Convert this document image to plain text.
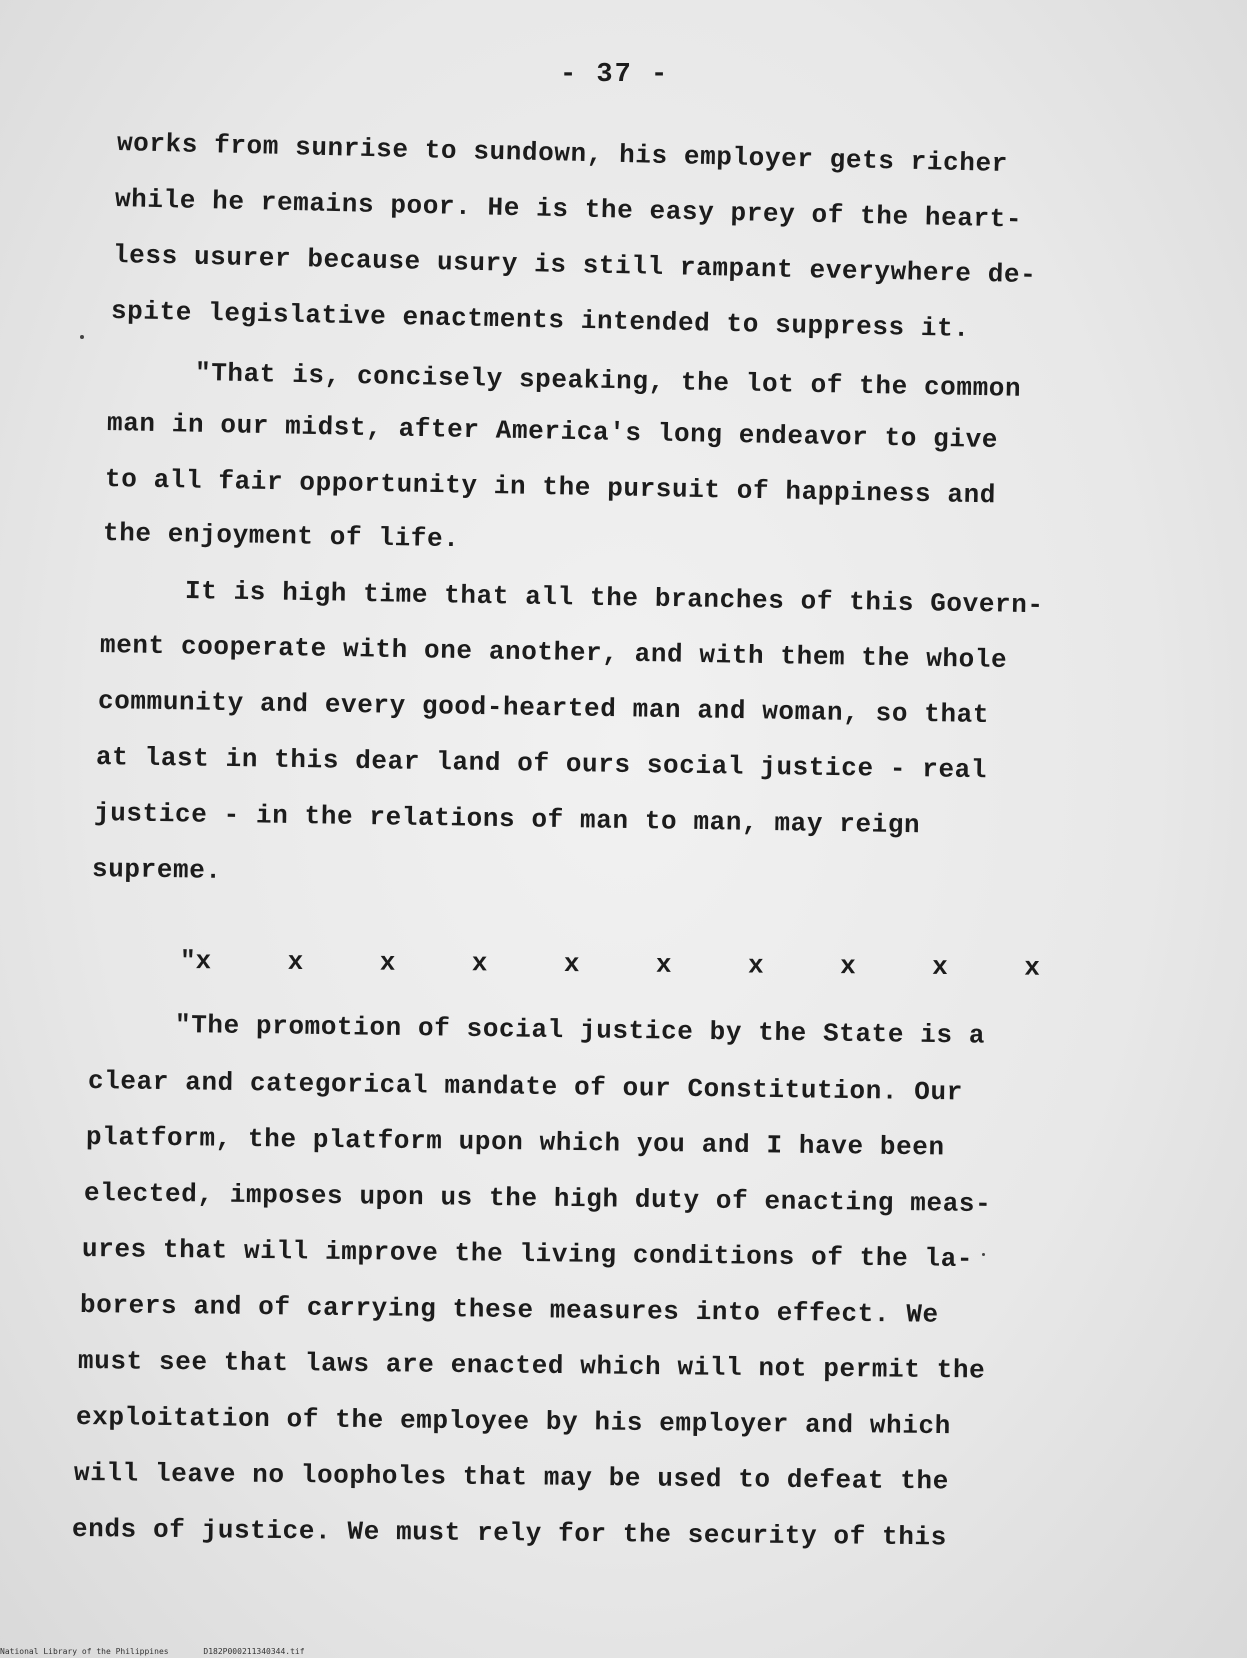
- 37 -

works from sunrise to sundown, his employer gets richer

while he remains poor. He is the easy prey of the heart-

less usurer because usury is still rampant everywhere de-

spite legislative enactments intended to suppress it.

"That is, concisely speaking, the lot of the common

man in our midst, after America's long endeavor to give

to all fair opportunity in the pursuit of happiness and

the enjoyment of life.

It is high time that all the branches of this Govern-

ment cooperate with one another, and with them the whole

community and every good-hearted man and woman, so that

at last in this dear land of ours social justice - real

justice - in the relations of man to man, may reign

supreme.

"x	x	x	x	x	x	x	x	x	x

"The promotion of social justice by the State is a

clear and categorical mandate of our Constitution. Our

platform, the platform upon which you and I have been

elected, imposes upon us the high duty of enacting meas-

ures that will improve the living conditions of the la-

borers and of carrying these measures into effect. We

must see that laws are enacted which will not permit the

exploitation of the employee by his employer and which

will leave no loopholes that may be used to defeat the

ends of justice. We must rely for the security of this

National Library of the Philippines	D182P000211340344.tif
